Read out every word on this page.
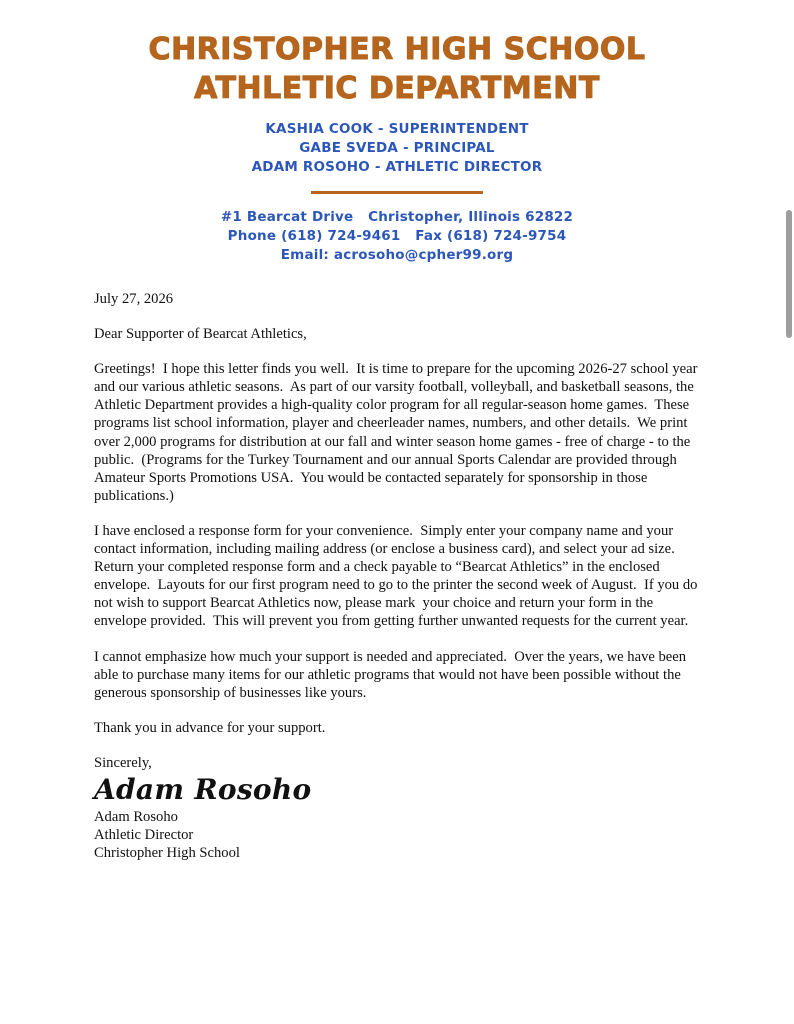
CHRISTOPHER HIGH SCHOOL
ATHLETIC DEPARTMENT
KASHIA COOK - SUPERINTENDENT
GABE SVEDA - PRINCIPAL
ADAM ROSOHO - ATHLETIC DIRECTOR
#1 Bearcat Drive   Christopher, Illinois 62822
Phone (618) 724-9461   Fax (618) 724-9754
Email: acrosoho@cpher99.org

July 27, 2026

Dear Supporter of Bearcat Athletics,

Greetings!  I hope this letter finds you well.  It is time to prepare for the upcoming 2026-27 school year and our various athletic seasons.  As part of our varsity football, volleyball, and basketball seasons, the Athletic Department provides a high-quality color program for all regular-season home games.  These programs list school information, player and cheerleader names, numbers, and other details.  We print over 2,000 programs for distribution at our fall and winter season home games - free of charge - to the public.  (Programs for the Turkey Tournament and our annual Sports Calendar are provided through Amateur Sports Promotions USA.  You would be contacted separately for sponsorship in those publications.)

I have enclosed a response form for your convenience.  Simply enter your company name and your contact information, including mailing address (or enclose a business card), and select your ad size.  Return your completed response form and a check payable to “Bearcat Athletics” in the enclosed envelope.  Layouts for our first program need to go to the printer the second week of August.  If you do not wish to support Bearcat Athletics now, please mark  your choice and return your form in the envelope provided.  This will prevent you from getting further unwanted requests for the current year.

I cannot emphasize how much your support is needed and appreciated.  Over the years, we have been able to purchase many items for our athletic programs that would not have been possible without the generous sponsorship of businesses like yours.

Thank you in advance for your support.

Sincerely,

Adam Rosoho

Adam Rosoho

Athletic Director

Christopher High School
